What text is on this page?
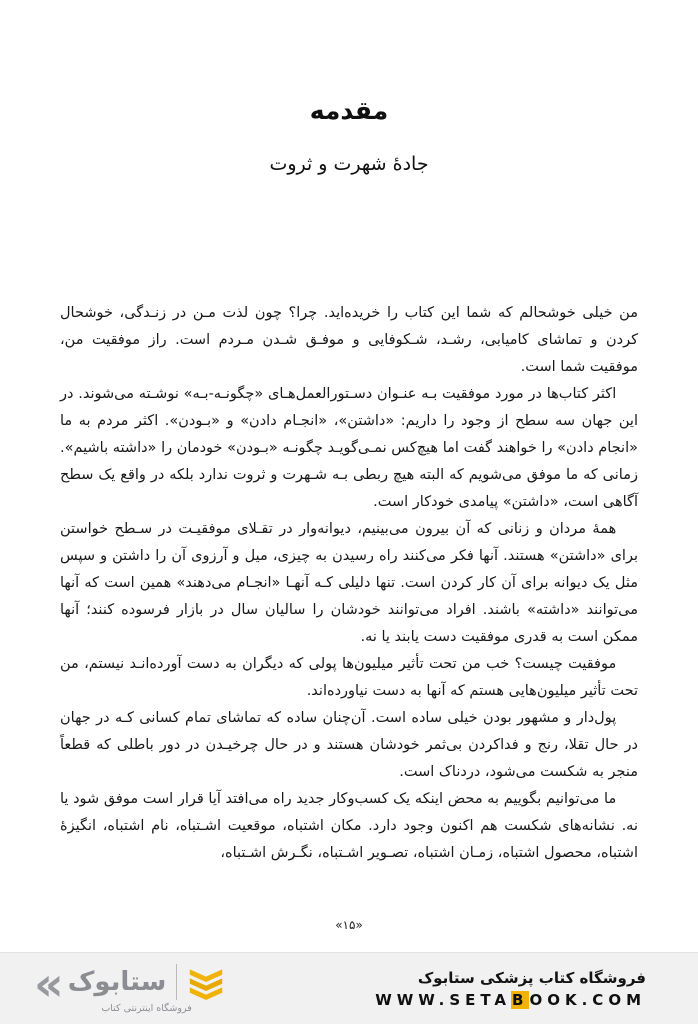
مقدمه
جادهٔ شهرت و ثروت

من خیلی خوشحالم که شما این کتاب را خریده‌اید. چرا؟ چون لذت مـن در زنـدگی، خوشحال کردن و تماشای کامیابی، رشـد، شـکوفایی و موفـق شـدن مـردم است. راز موفقیت من، موفقیت شما است.

اکثر کتاب‌ها در مورد موفقیت بـه عنـوان دسـتورالعمل‌هـای «چگونـه-بـه» نوشـته می‌شوند. در این جهان سه سطح از وجود را داریم: «داشتن»، «انجـام دادن» و «بـودن». اکثر مردم به ما «انجام دادن» را خواهند گفت اما هیچ‌کس نمـی‌گویـد چگونـه «بـودن» خودمان را «داشته باشیم». زمانی که ما موفق می‌شویم که البته هیچ ربطی بـه شـهرت و ثروت ندارد بلکه در واقع یک سطح آگاهی است، «داشتن» پیامدی خودکار است.

همهٔ مردان و زنانی که آن بیرون می‌بینیم، دیوانه‌وار در تقـلای موفقیـت در سـطح خواستن برای «داشتن» هستند. آنها فکر می‌کنند راه رسیدن به چیزی، میل و آرزوی آن را داشتن و سپس مثل یک دیوانه برای آن کار کردن است. تنها دلیلی کـه آنهـا «انجـام می‌دهند» همین است که آنها می‌توانند «داشته» باشند. افراد می‌توانند خودشان را سالیان سال در بازار فرسوده کنند؛ آنها ممکن است به قدری موفقیت دست یابند یا نه.

موفقیت چیست؟ خب من تحت تأثیر میلیون‌ها پولی که دیگران به دست آورده‌انـد نیستم، من تحت تأثیر میلیون‌هایی هستم که آنها به دست نیاورده‌اند.

پول‌دار و مشهور بودن خیلی ساده است. آن‌چنان ساده که تماشای تمام کسانی کـه در جهان در حال تقلا، رنج و فداکردن بی‌ثمر خودشان هستند و در حال چرخیـدن در دور باطلی که قطعاً منجر به شکست می‌شود، دردناک است.

ما می‌توانیم بگوییم به محض اینکه یک کسب‌وکار جدید راه می‌افتد آیا قرار است موفق شود یا نه. نشانه‌های شکست هم اکنون وجود دارد. مکان اشتباه، موقعیت اشـتباه، نام اشتباه، انگیزهٔ اشتباه، محصول اشتباه، زمـان اشتباه، تصـویر اشـتباه، نگـرش اشـتباه،

«۱۵»
« ستابوک
فروشگاه اینترنتی کتاب
فروشگاه کتاب پزشکی ستابوک
WWW.SETABOOK.COM
